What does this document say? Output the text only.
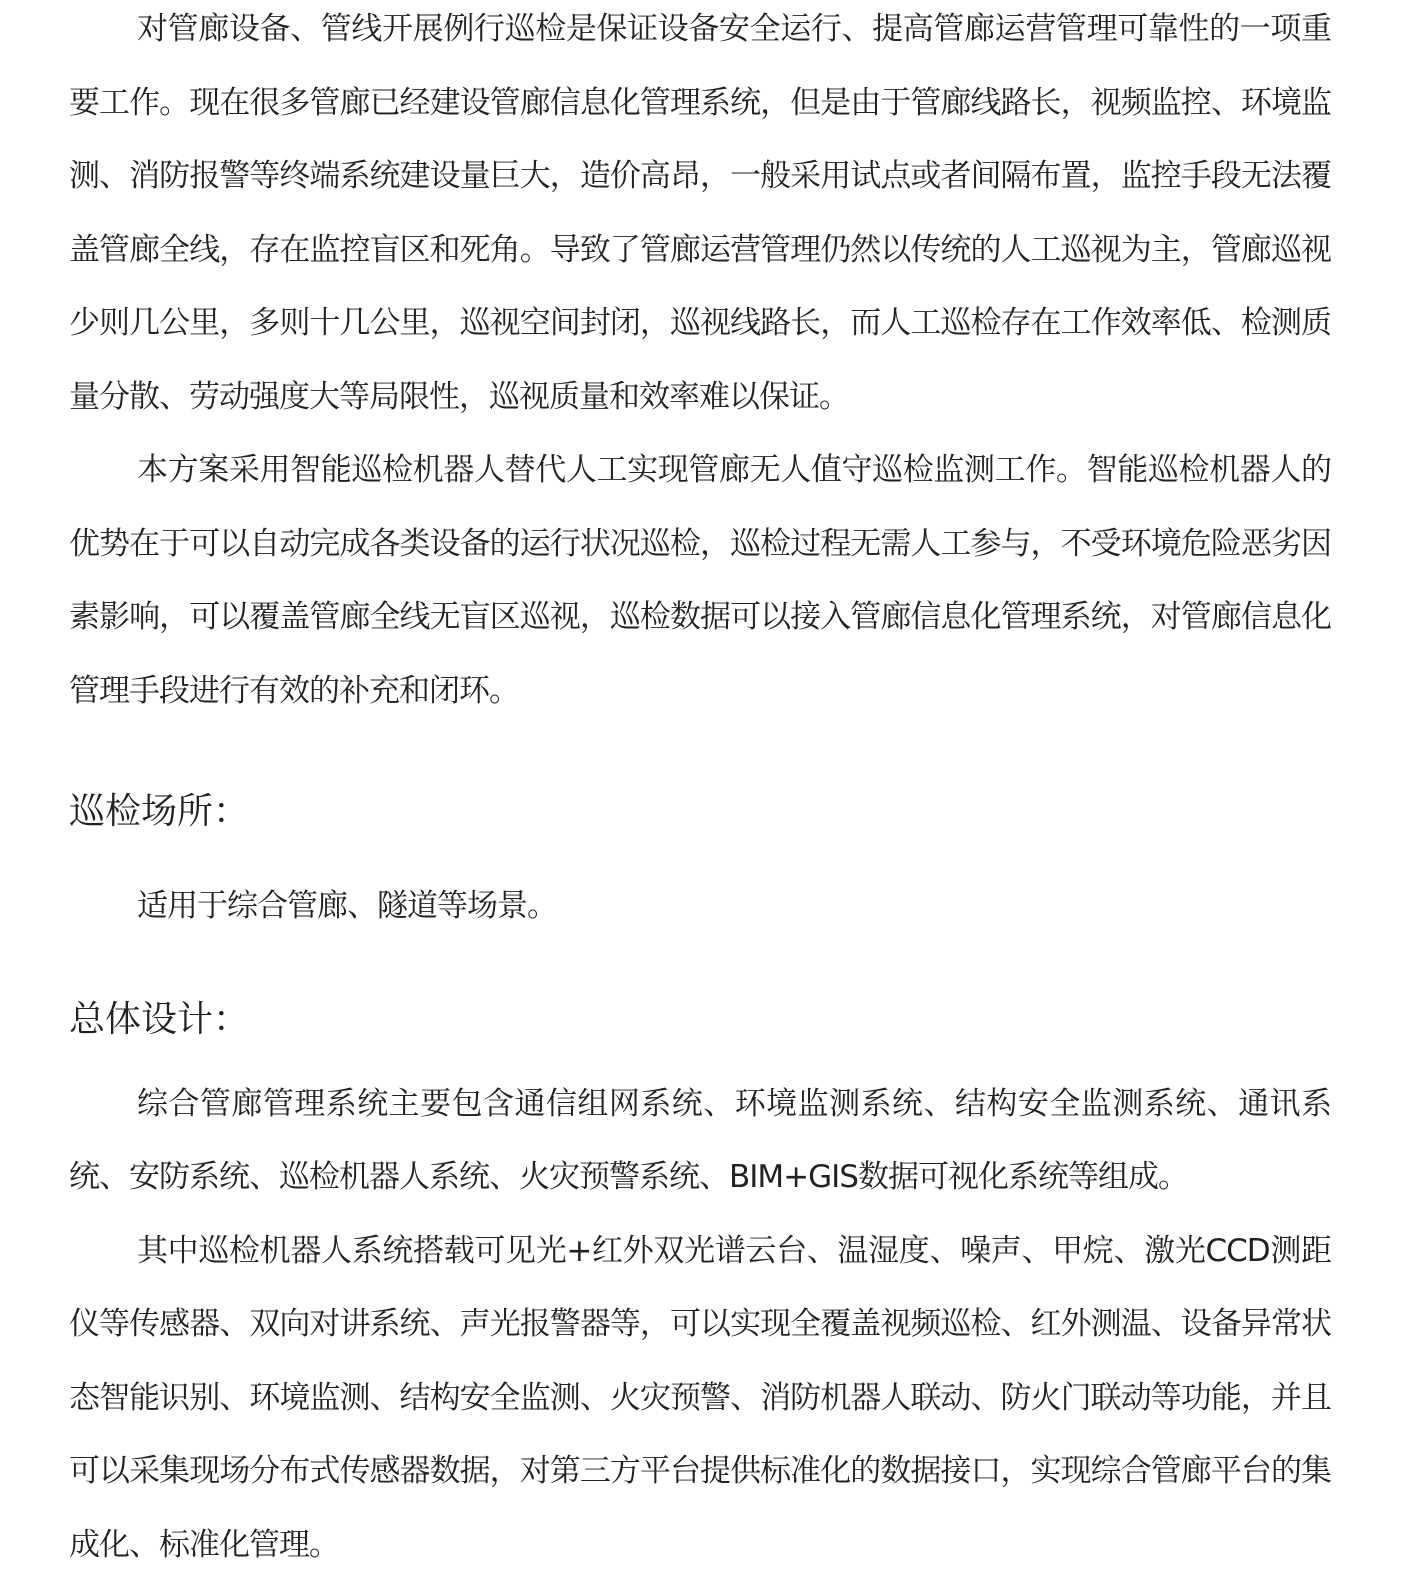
对管廊设备、管线开展例行巡检是保证设备安全运行、提高管廊运营管理可靠性的一项重要工作。现在很多管廊已经建设管廊信息化管理系统，但是由于管廊线路长，视频监控、环境监测、消防报警等终端系统建设量巨大，造价高昂，一般采用试点或者间隔布置，监控手段无法覆盖管廊全线，存在监控盲区和死角。导致了管廊运营管理仍然以传统的人工巡视为主，管廊巡视少则几公里，多则十几公里，巡视空间封闭，巡视线路长，而人工巡检存在工作效率低、检测质量分散、劳动强度大等局限性，巡视质量和效率难以保证。

本方案采用智能巡检机器人替代人工实现管廊无人值守巡检监测工作。智能巡检机器人的优势在于可以自动完成各类设备的运行状况巡检，巡检过程无需人工参与，不受环境危险恶劣因素影响，可以覆盖管廊全线无盲区巡视，巡检数据可以接入管廊信息化管理系统，对管廊信息化管理手段进行有效的补充和闭环。

巡检场所：

适用于综合管廊、隧道等场景。

总体设计：

综合管廊管理系统主要包含通信组网系统、环境监测系统、结构安全监测系统、通讯系统、安防系统、巡检机器人系统、火灾预警系统、BIM+GIS数据可视化系统等组成。

其中巡检机器人系统搭载可见光+红外双光谱云台、温湿度、噪声、甲烷、激光CCD测距仪等传感器、双向对讲系统、声光报警器等，可以实现全覆盖视频巡检、红外测温、设备异常状态智能识别、环境监测、结构安全监测、火灾预警、消防机器人联动、防火门联动等功能，并且可以采集现场分布式传感器数据，对第三方平台提供标准化的数据接口，实现综合管廊平台的集成化、标准化管理。
